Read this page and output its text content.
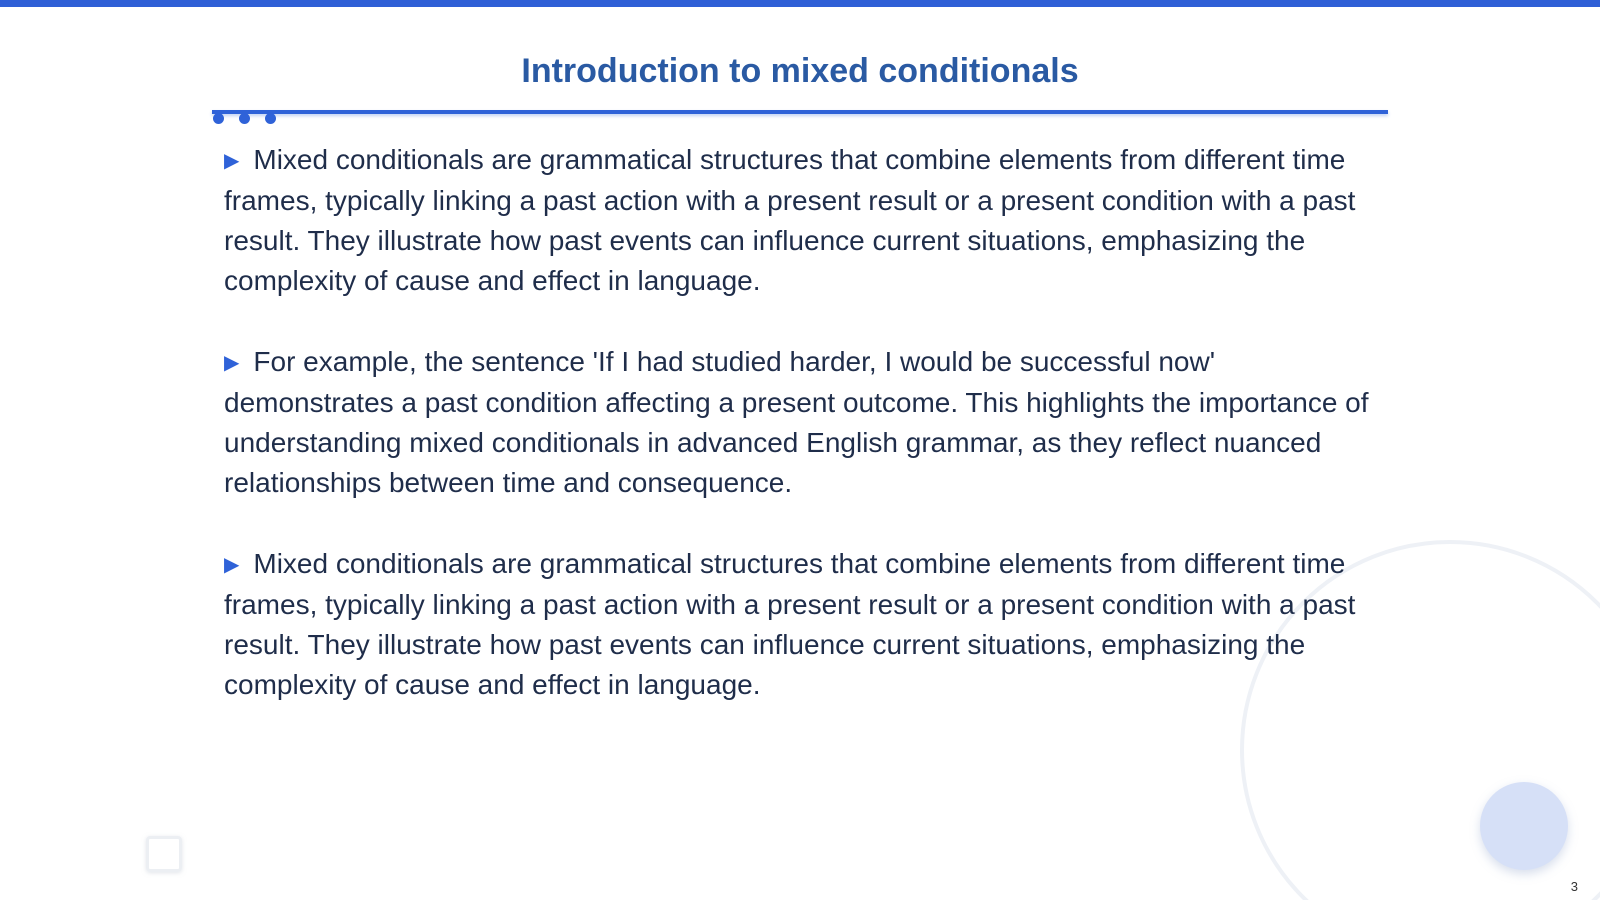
Introduction to mixed conditionals

▶ Mixed conditionals are grammatical structures that combine elements from different time frames, typically linking a past action with a present result or a present condition with a past result. They illustrate how past events can influence current situations, emphasizing the complexity of cause and effect in language.

▶ For example, the sentence 'If I had studied harder, I would be successful now' demonstrates a past condition affecting a present outcome. This highlights the importance of understanding mixed conditionals in advanced English grammar, as they reflect nuanced relationships between time and consequence.

▶ Mixed conditionals are grammatical structures that combine elements from different time frames, typically linking a past action with a present result or a present condition with a past result. They illustrate how past events can influence current situations, emphasizing the complexity of cause and effect in language.

3
